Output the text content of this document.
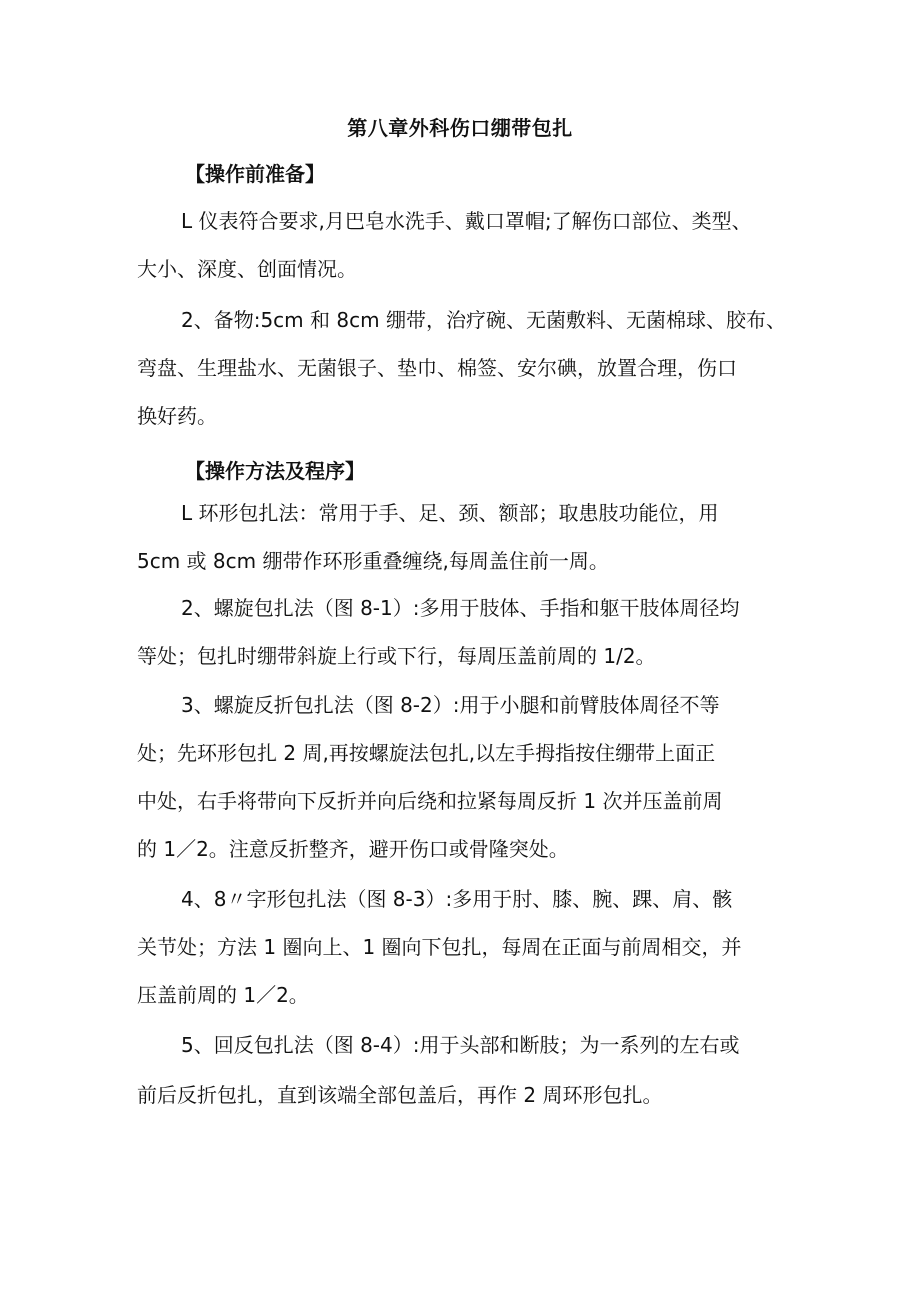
第八章外科伤口绷带包扎
【操作前准备】
L 仪表符合要求,月巴皂水洗手、戴口罩帽;了解伤口部位、类型、
大小、深度、创面情况。
2、备物:5cm 和 8cm 绷带，治疗碗、无菌敷料、无菌棉球、胶布、
弯盘、生理盐水、无菌银子、垫巾、棉签、安尔碘，放置合理，伤口
换好药。
【操作方法及程序】
L 环形包扎法：常用于手、足、颈、额部；取患肢功能位，用
5cm 或 8cm 绷带作环形重叠缠绕,每周盖住前一周。
2、螺旋包扎法（图 8-1）:多用于肢体、手指和躯干肢体周径均
等处；包扎时绷带斜旋上行或下行，每周压盖前周的 1/2。
3、螺旋反折包扎法（图 8-2）:用于小腿和前臂肢体周径不等
处；先环形包扎 2 周,再按螺旋法包扎,以左手拇指按住绷带上面正
中处，右手将带向下反折并向后绕和拉紧每周反折 1 次并压盖前周
的 1／2。注意反折整齐，避开伤口或骨隆突处。
4、8〃字形包扎法（图 8-3）:多用于肘、膝、腕、踝、肩、骸
关节处；方法 1 圈向上、1 圈向下包扎，每周在正面与前周相交，并
压盖前周的 1／2。
5、回反包扎法（图 8-4）:用于头部和断肢；为一系列的左右或
前后反折包扎，直到该端全部包盖后，再作 2 周环形包扎。
